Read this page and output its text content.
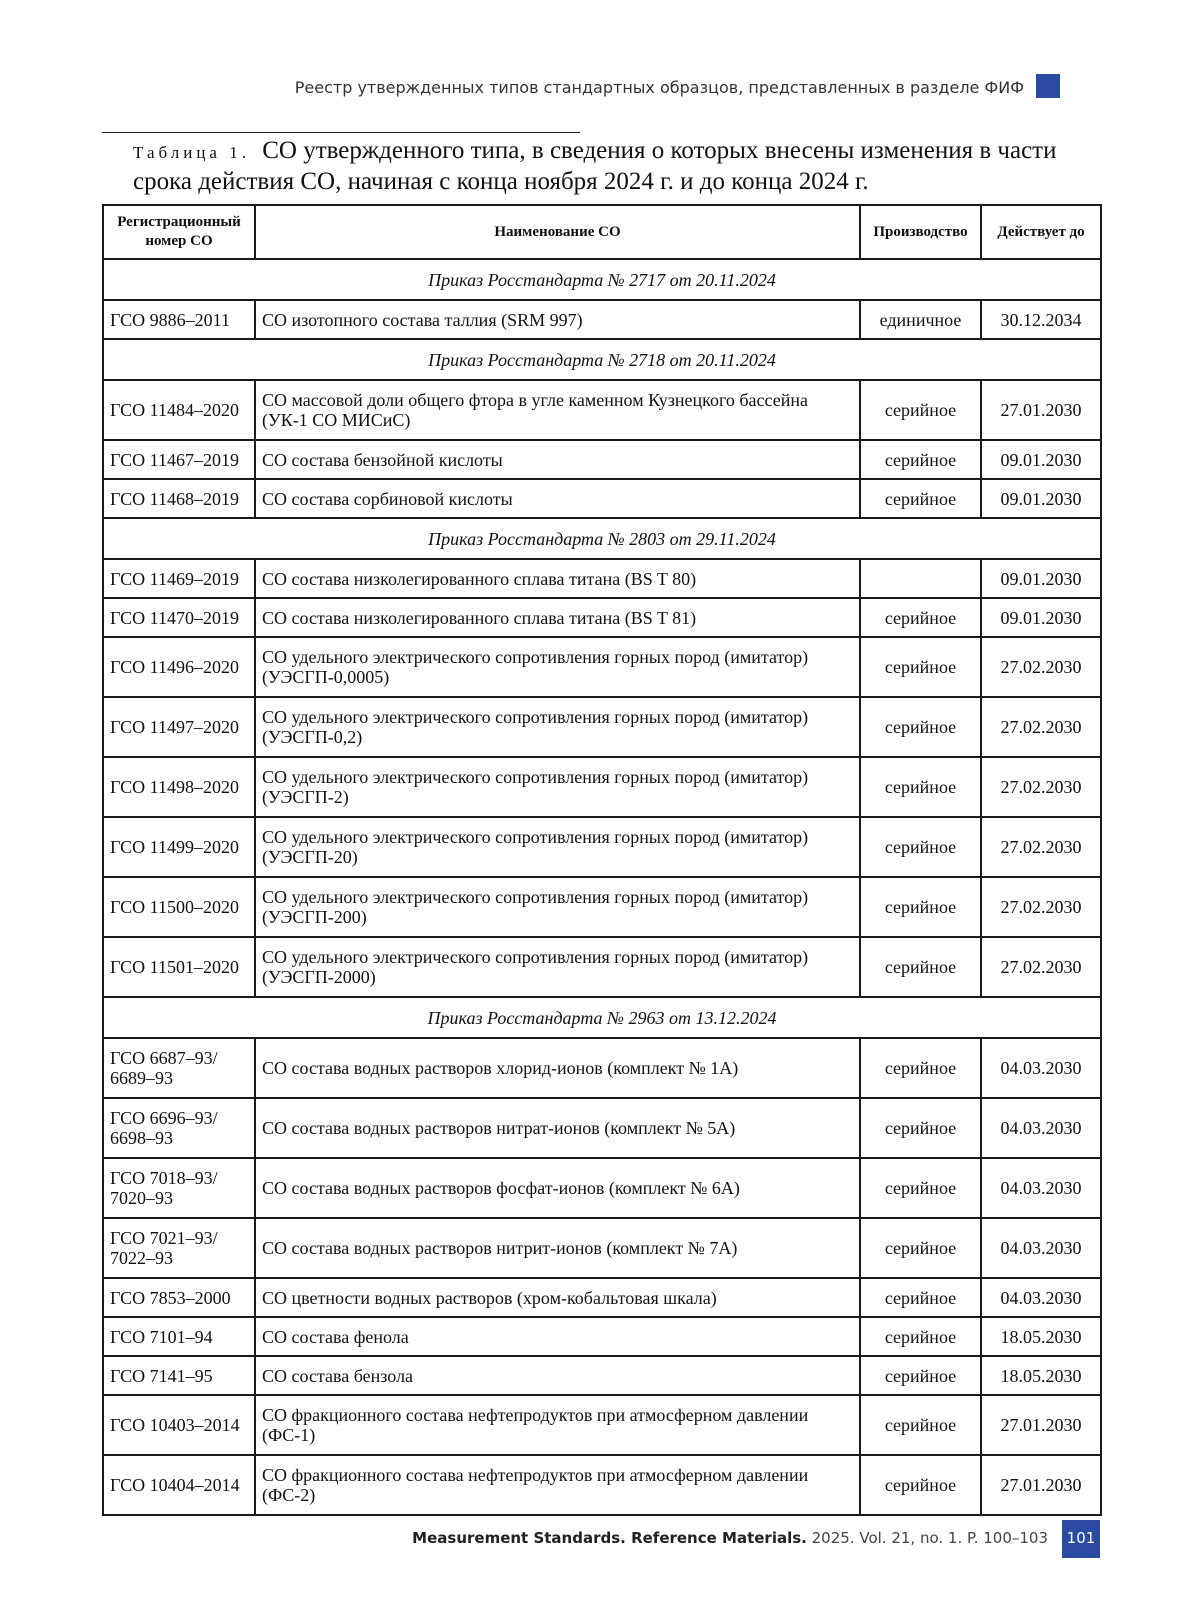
Реестр утвержденных типов стандартных образцов, представленных в разделе ФИФ
Таблица 1. СО утвержденного типа, в сведения о которых внесены изменения в части срока действия СО, начиная с конца ноября 2024 г. и до конца 2024 г.
Регистрационный номер СО	Наименование СО	Производство	Действует до
Приказ Росстандарта № 2717 от 20.11.2024			
ГСО 9886–2011	СО изотопного состава таллия (SRM 997)	единичное	30.12.2034
Приказ Росстандарта № 2718 от 20.11.2024			
ГСО 11484–2020	СО массовой доли общего фтора в угле каменном Кузнецкого бассейна (УК-1 СО МИСиС)	серийное	27.01.2030
ГСО 11467–2019	СО состава бензойной кислоты	серийное	09.01.2030
ГСО 11468–2019	СО состава сорбиновой кислоты	серийное	09.01.2030
Приказ Росстандарта № 2803 от 29.11.2024			
ГСО 11469–2019	СО состава низколегированного сплава титана (BS T 80)		09.01.2030
ГСО 11470–2019	СО состава низколегированного сплава титана (BS T 81)	серийное	09.01.2030
ГСО 11496–2020	СО удельного электрического сопротивления горных пород (имитатор) (УЭСГП-0,0005)	серийное	27.02.2030
ГСО 11497–2020	СО удельного электрического сопротивления горных пород (имитатор) (УЭСГП-0,2)	серийное	27.02.2030
ГСО 11498–2020	СО удельного электрического сопротивления горных пород (имитатор) (УЭСГП-2)	серийное	27.02.2030
ГСО 11499–2020	СО удельного электрического сопротивления горных пород (имитатор) (УЭСГП-20)	серийное	27.02.2030
ГСО 11500–2020	СО удельного электрического сопротивления горных пород (имитатор) (УЭСГП-200)	серийное	27.02.2030
ГСО 11501–2020	СО удельного электрического сопротивления горных пород (имитатор) (УЭСГП-2000)	серийное	27.02.2030
Приказ Росстандарта № 2963 от 13.12.2024			
ГСО 6687–93/
6689–93	СО состава водных растворов хлорид-ионов (комплект № 1А)	серийное	04.03.2030
ГСО 6696–93/
6698–93	СО состава водных растворов нитрат-ионов (комплект № 5А)	серийное	04.03.2030
ГСО 7018–93/
7020–93	СО состава водных растворов фосфат-ионов (комплект № 6А)	серийное	04.03.2030
ГСО 7021–93/
7022–93	СО состава водных растворов нитрит-ионов (комплект № 7А)	серийное	04.03.2030
ГСО 7853–2000	СО цветности водных растворов (хром-кобальтовая шкала)	серийное	04.03.2030
ГСО 7101–94	СО состава фенола	серийное	18.05.2030
ГСО 7141–95	СО состава бензола	серийное	18.05.2030
ГСО 10403–2014	СО фракционного состава нефтепродуктов при атмосферном давлении (ФС-1)	серийное	27.01.2030
ГСО 10404–2014	СО фракционного состава нефтепродуктов при атмосферном давлении (ФС-2)	серийное	27.01.2030
Measurement Standards. Reference Materials. 2025. Vol. 21, no. 1. P. 100–103	101
